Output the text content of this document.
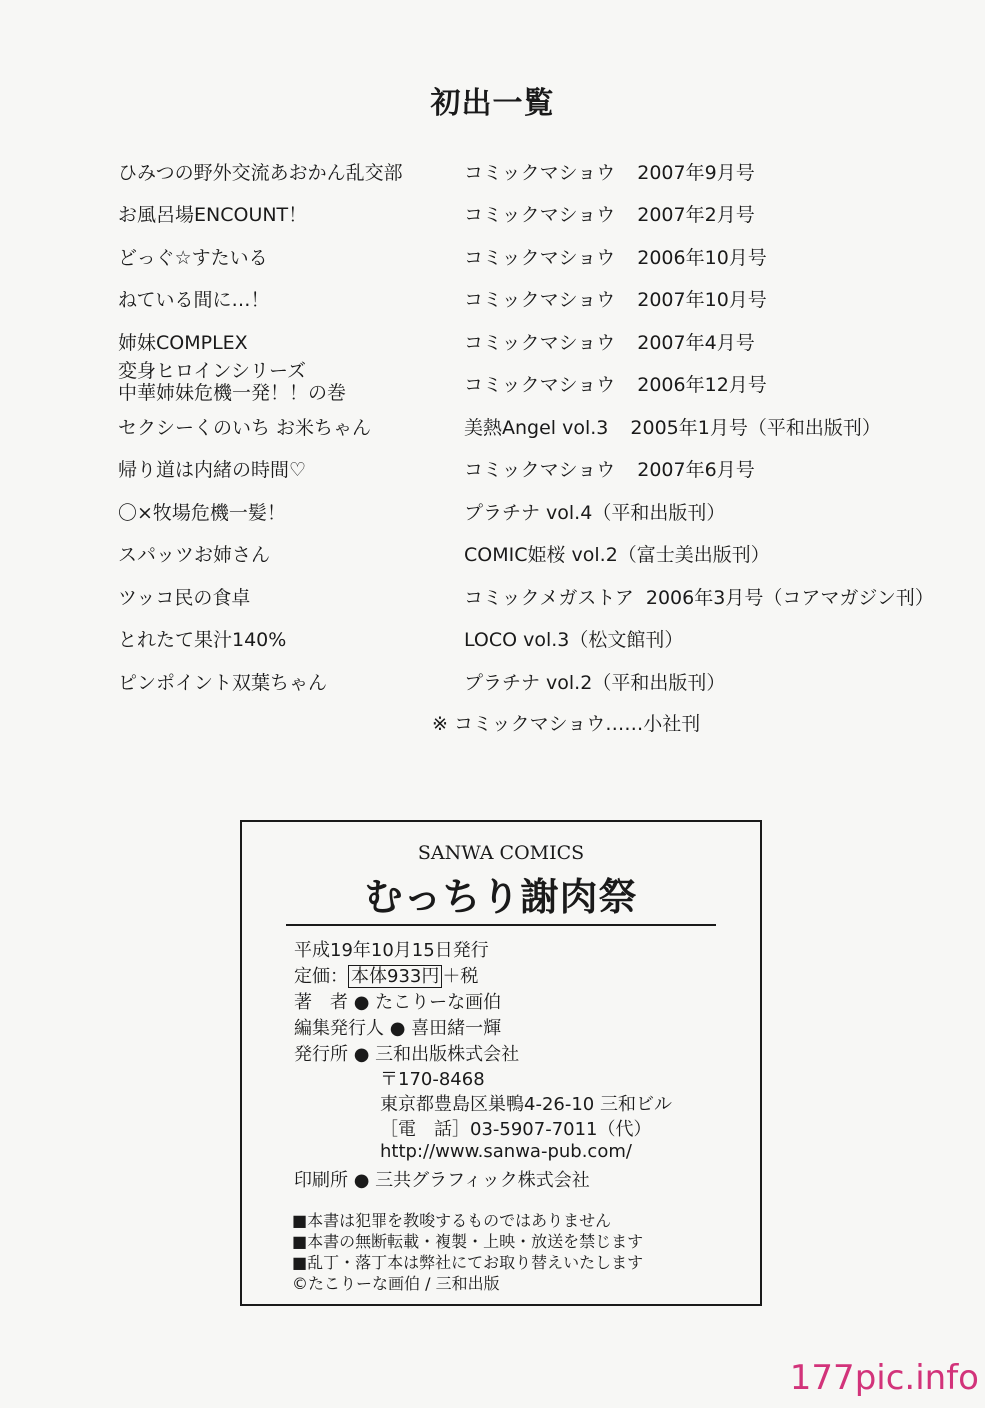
初出一覧
ひみつの野外交流あおかん乱交部	コミックマショウ 2007年9月号
お風呂場ENCOUNT！	コミックマショウ 2007年2月号
どっぐ☆すたいる	コミックマショウ 2006年10月号
ねている間に…！	コミックマショウ 2007年10月号
姉妹COMPLEX	コミックマショウ 2007年4月号
変身ヒロインシリーズ
中華姉妹危機一発！！の巻	コミックマショウ 2006年12月号
セクシーくのいち お米ちゃん	美熱Angel vol.3 2005年1月号（平和出版刊）
帰り道は内緒の時間♡	コミックマショウ 2007年6月号
〇×牧場危機一髪！	プラチナ vol.4（平和出版刊）
スパッツお姉さん	COMIC姫桜 vol.2（富士美出版刊）
ツッコ民の食卓	コミックメガストア 2006年3月号（コアマガジン刊）
とれたて果汁140%	LOCO vol.3（松文館刊）
ピンポイント双葉ちゃん	プラチナ vol.2（平和出版刊）
※ コミックマショウ……小社刊
SANWA COMICS
むっちり謝肉祭
平成19年10月15日発行
定価： 本体933円 ＋税
著　者 ● たこりーな画伯
編集発行人 ● 喜田緒一輝
発行所 ● 三和出版株式会社
〒170-8468
東京都豊島区巣鴨4-26-10 三和ビル
［電　話］03-5907-7011（代）
http://www.sanwa-pub.com/
印刷所 ● 三共グラフィック株式会社
■本書は犯罪を教唆するものではありません
■本書の無断転載・複製・上映・放送を禁じます
■乱丁・落丁本は弊社にてお取り替えいたします
©たこりーな画伯 / 三和出版
177pic.info
